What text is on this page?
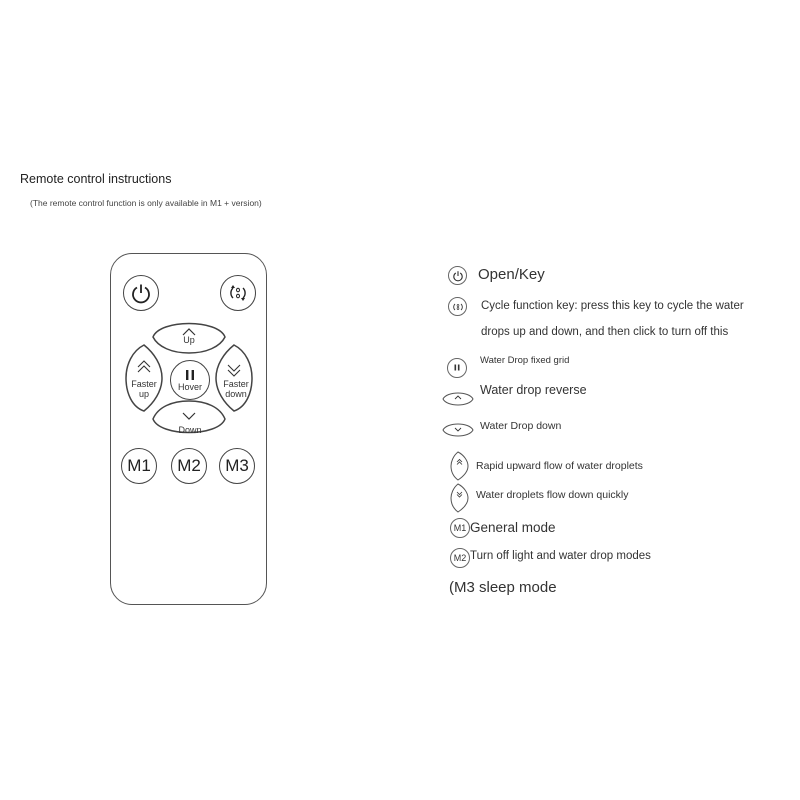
Remote control instructions
(The remote control function is only available in M1 + version)
Up
Down
Faster
up
Faster
down
Hover
M1 M2 M3
Open/Key
Cycle function key: press this key to cycle the water
drops up and down, and then click to turn off this
Water Drop fixed grid
Water drop reverse
Water Drop down
Rapid upward flow of water droplets
Water droplets flow down quickly
M1 General mode
M2 Turn off light and water drop modes
(M3 sleep mode
